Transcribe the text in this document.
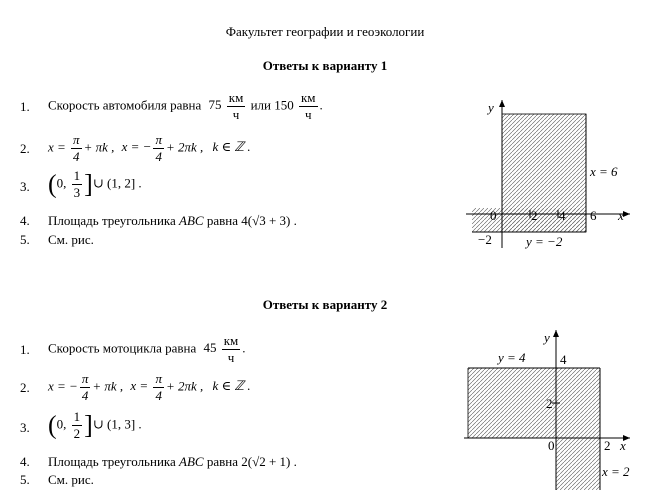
Факультет географии и геоэкологии
Ответы к варианту 1
1. Скорость автомобиля равна $75 \frac{км}{ч}$ или $150 \frac{км}{ч}$ .
2. $x = \frac{\pi}{4} + \pi k$ , x = − $\frac{\pi}{4} + 2\pi k$ , k ∈ ℤ .
3. (0, $\frac{1}{3}$ ]∪ (1, 2] .
4. Площадь треугольника ABC равна 4(√3 + 3) .
5. См. рис.
y
x
0	2 4 6
−2
x = 6
y = −2
Ответы к варианту 2
1. Скорость мотоцикла равна $45 \frac{км}{ч}$ .
2. x = − $\frac{\pi}{4} + \pi k$ , $x = \frac{\pi}{4} + 2\pi k$ , k ∈ ℤ .
3. (0, $\frac{1}{2}$ ]∪ (1, 3] .
4. Площадь треугольника ABC равна 2(√2 + 1) .
5. См. рис.
y
x
0	2
4
2
y = 4
x = 2
